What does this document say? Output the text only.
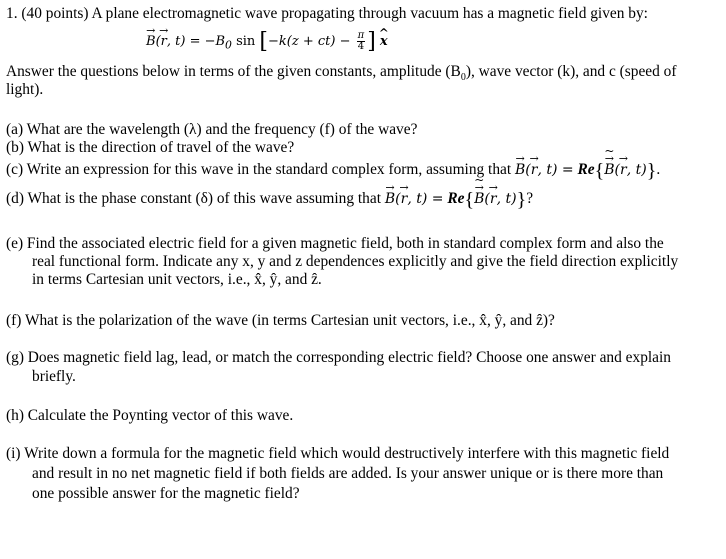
1. (40 points) A plane electromagnetic wave propagating through vacuum has a magnetic field given by:
→ B(→ r, $t) = -B_0$ $\sin [-k(z + ct) - \frac{\pi}{4}$ ] ^ x
Answer the questions below in terms of the given constants, amplitude $(B_0)$, wave vector (k), and c (speed of
light).
(a) What are the wavelength (λ) and the frequency (f) of the wave?
(b) What is the direction of travel of the wave?
(c) Write an expression for this wave in the standard complex form, assuming that → B(→ r, t) = Re{→ B ~(→ r, t)}.
(d) What is the phase constant (δ) of this wave assuming that → B(→ r, t) = Re{→ B ~(→ r, t)}?
(e) Find the associated electric field for a given magnetic field, both in standard complex form and also the
real functional form. Indicate any x, y and z dependences explicitly and give the field direction explicitly
in terms Cartesian unit vectors, i.e., x̂, ŷ, and ẑ.
(f) What is the polarization of the wave (in terms Cartesian unit vectors, i.e., x̂, ŷ, and ẑ)?
(g) Does magnetic field lag, lead, or match the corresponding electric field? Choose one answer and explain
briefly.
(h) Calculate the Poynting vector of this wave.
(i) Write down a formula for the magnetic field which would destructively interfere with this magnetic field
and result in no net magnetic field if both fields are added. Is your answer unique or is there more than
one possible answer for the magnetic field?
